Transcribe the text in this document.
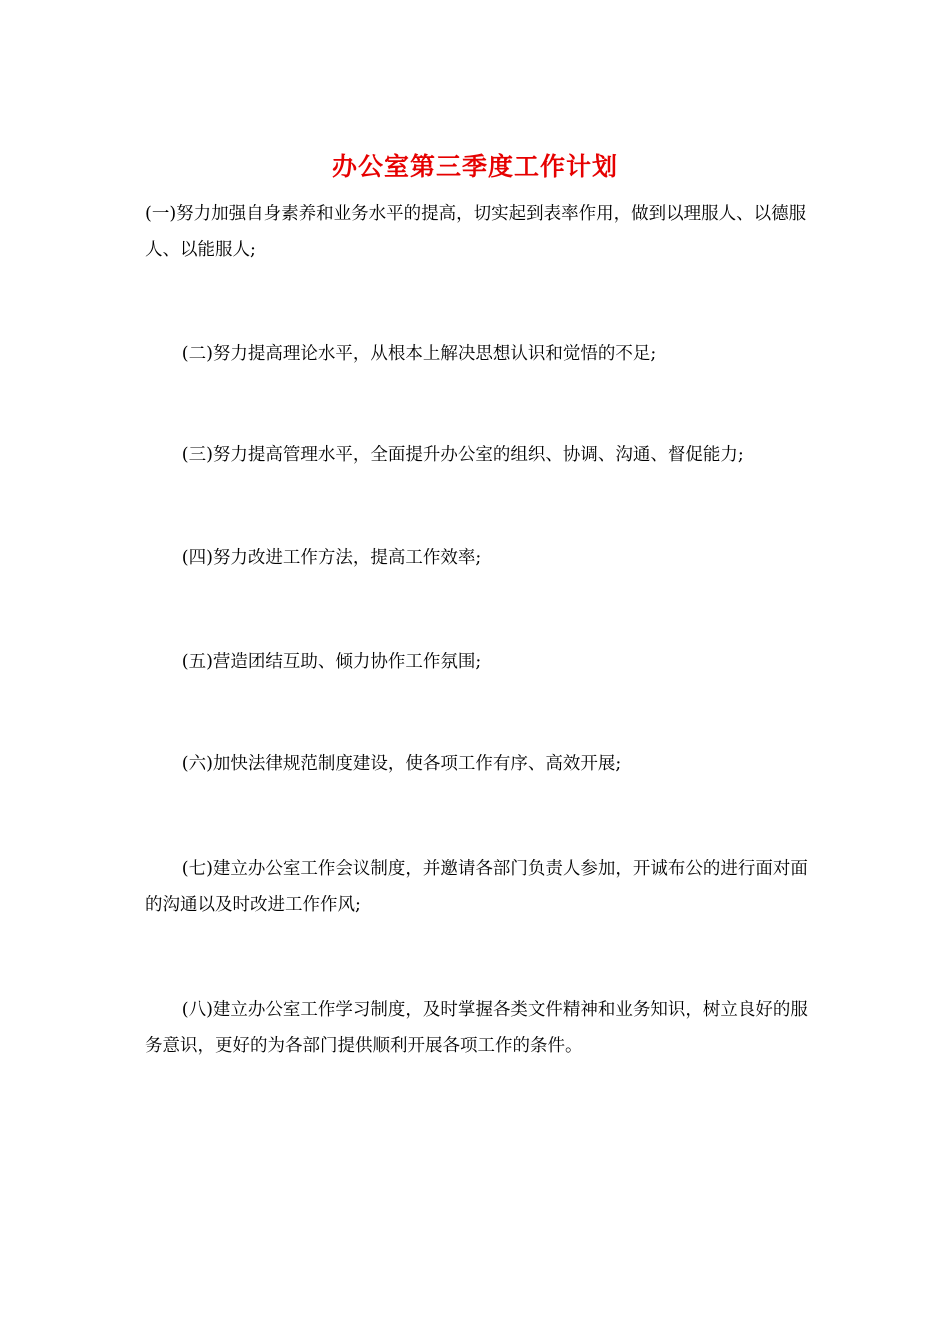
办公室第三季度工作计划

(一)努力加强自身素养和业务水平的提高，切实起到表率作用，做到以理服人、以德服人、以能服人;

(二)努力提高理论水平，从根本上解决思想认识和觉悟的不足;

(三)努力提高管理水平，全面提升办公室的组织、协调、沟通、督促能力;

(四)努力改进工作方法，提高工作效率;

(五)营造团结互助、倾力协作工作氛围;

(六)加快法律规范制度建设，使各项工作有序、高效开展;

(七)建立办公室工作会议制度，并邀请各部门负责人参加，开诚布公的进行面对面的沟通以及时改进工作作风;

(八)建立办公室工作学习制度，及时掌握各类文件精神和业务知识，树立良好的服务意识，更好的为各部门提供顺利开展各项工作的条件。
